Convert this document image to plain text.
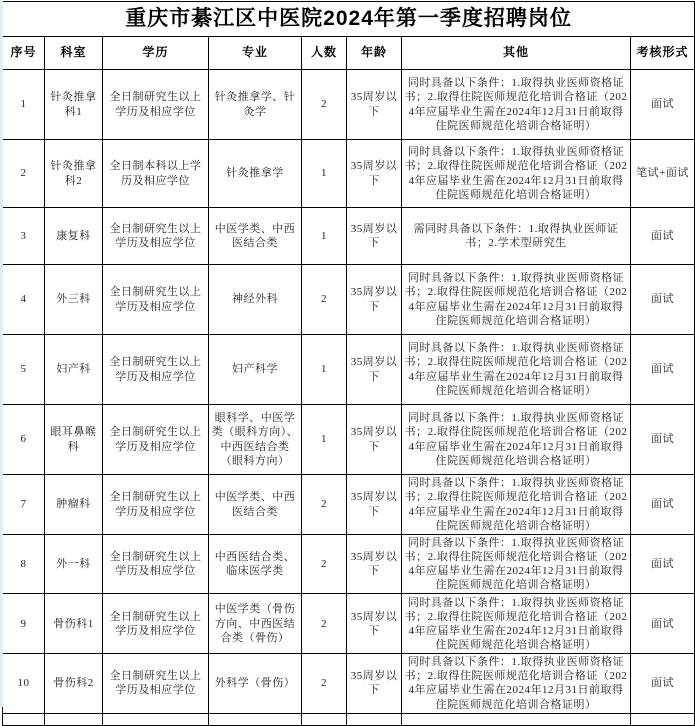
重庆市綦江区中医院2024年第一季度招聘岗位							
序号	科室	学历	专业	人数	年龄	其他	考核形式
1	针灸推拿科1	全日制研究生以上学历及相应学位	针灸推拿学、针灸学	2	35周岁以下	同时具备以下条件：1.取得执业医师资格证书；2.取得住院医师规范化培训合格证（2024年应届毕业生需在2024年12月31日前取得住院医师规范化培训合格证明）	面试
2	针灸推拿科2	全日制本科以上学历及相应学位	针灸推拿学	1	35周岁以下	同时具备以下条件：1.取得执业医师资格证书；2.取得住院医师规范化培训合格证（2024年应届毕业生需在2024年12月31日前取得住院医师规范化培训合格证明）	笔试+面试
3	康复科	全日制研究生以上学历及相应学位	中医学类、中西医结合类	1	35周岁以下	需同时具备以下条件：1.取得执业医师证书；2.学术型研究生	面试
4	外三科	全日制研究生以上学历及相应学位	神经外科	2	35周岁以下	同时具备以下条件：1.取得执业医师资格证书；2.取得住院医师规范化培训合格证（2024年应届毕业生需在2024年12月31日前取得住院医师规范化培训合格证明）	面试
5	妇产科	全日制研究生以上学历及相应学位	妇产科学	1	35周岁以下	同时具备以下条件：1.取得执业医师资格证书；2.取得住院医师规范化培训合格证（2024年应届毕业生需在2024年12月31日前取得住院医师规范化培训合格证明）	面试
6	眼耳鼻喉科	全日制研究生以上学历及相应学位	眼科学、中医学类（眼科方向）、中西医结合类（眼科方向）	1	35周岁以下	同时具备以下条件：1.取得执业医师资格证书；2.取得住院医师规范化培训合格证（2024年应届毕业生需在2024年12月31日前取得住院医师规范化培训合格证明）	面试
7	肿瘤科	全日制研究生以上学历及相应学位	中医学类、中西医结合类	2	35周岁以下	同时具备以下条件：1.取得执业医师资格证书；2.取得住院医师规范化培训合格证（2024年应届毕业生需在2024年12月31日前取得住院医师规范化培训合格证明）	面试
8	外一科	全日制研究生以上学历及相应学位	中西医结合类、临床医学类	2	35周岁以下	同时具备以下条件：1.取得执业医师资格证书；2.取得住院医师规范化培训合格证（2024年应届毕业生需在2024年12月31日前取得住院医师规范化培训合格证明）	面试
9	骨伤科1	全日制研究生以上学历及相应学位	中医学类（骨伤方向、中西医结合类（骨伤）	2	35周岁以下	同时具备以下条件：1.取得执业医师资格证书；2.取得住院医师规范化培训合格证（2024年应届毕业生需在2024年12月31日前取得住院医师规范化培训合格证明）	面试
10	骨伤科2	全日制研究生以上学历及相应学位	外科学（骨伤）	2	35周岁以下	同时具备以下条件：1.取得执业医师资格证书；2.取得住院医师规范化培训合格证（2024年应届毕业生需在2024年12月31日前取得住院医师规范化培训合格证明）	面试
